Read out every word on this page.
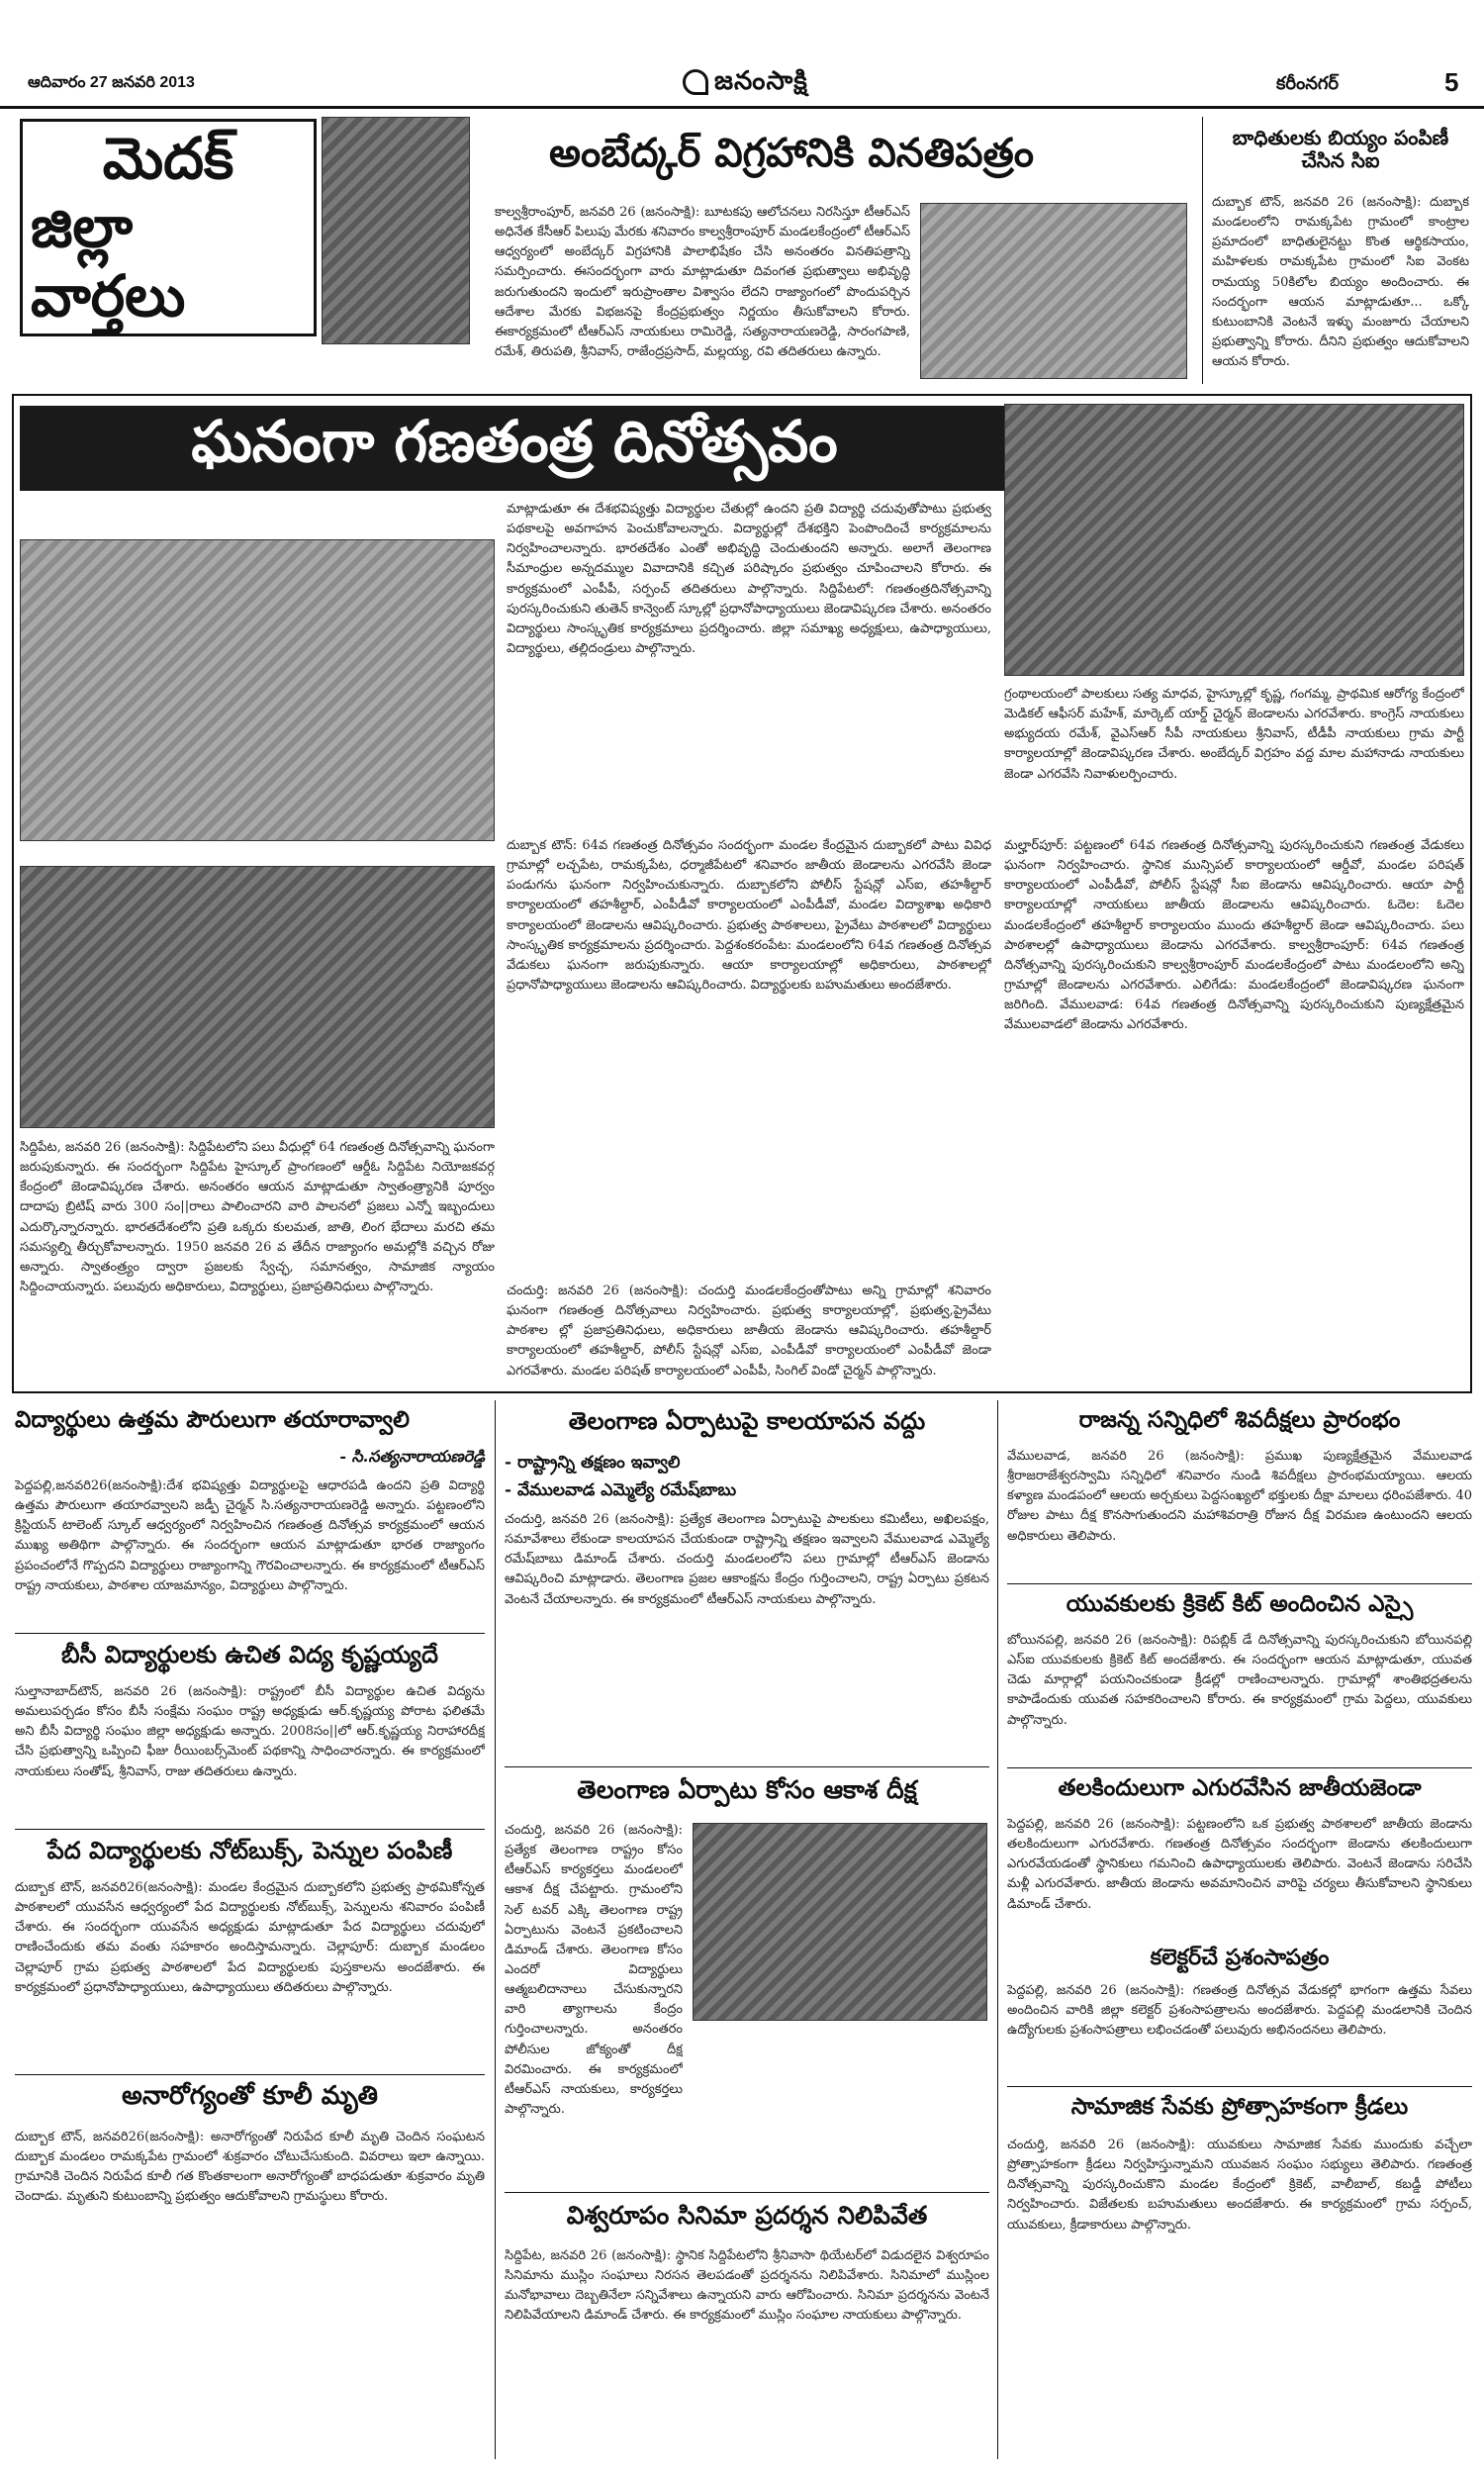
ఆదివారం 27 జనవరి 2013	జనంసాక్షి	కరీంనగర్	5
మెదక్
జిల్లా వార్తలు
అంబేద్కర్ విగ్రహానికి వినతిపత్రం
కాల్వశ్రీరాంపూర్, జనవరి 26 (జనంసాక్షి): బూటకపు ఆలోచనలు నిరసిస్తూ టీఆర్ఎస్ అధినేత కేసీఆర్ పిలుపు మేరకు శనివారం కాల్వశ్రీరాంపూర్ మండలకేంద్రంలో టీఆర్ఎస్ ఆధ్వర్యంలో అంబేద్కర్ విగ్రహానికి పాలాభిషేకం చేసి అనంతరం వినతిపత్రాన్ని సమర్పించారు. ఈసందర్భంగా వారు మాట్లాడుతూ దివంగత ప్రభుత్వాలు అభివృద్ధి జరుగుతుందని ఇందులో ఇరుప్రాంతాల విశ్వాసం లేదని రాజ్యాంగంలో పొందుపర్చిన ఆదేశాల మేరకు విభజనపై కేంద్రప్రభుత్వం నిర్ణయం తీసుకోవాలని కోరారు. ఈకార్యక్రమంలో టీఆర్ఎస్ నాయకులు రామిరెడ్డి, సత్యనారాయణరెడ్డి, సారంగపాణి, రమేశ్, తిరుపతి, శ్రీనివాస్, రాజేంద్రప్రసాద్, మల్లయ్య, రవి తదితరులు ఉన్నారు.
బాధితులకు బియ్యం పంపిణీ చేసిన సిఐ
దుబ్బాక టౌన్, జనవరి 26 (జనంసాక్షి): దుబ్బాక మండలంలోని రామక్కపేట గ్రామంలో కాంట్రాల ప్రమాదంలో బాధితులైనట్టు కొంత ఆర్థికసాయం, మహిళలకు రామక్కపేట గ్రామంలో సిఐ వెంకట రామయ్య 50కిలోల బియ్యం అందించారు. ఈ సందర్భంగా ఆయన మాట్లాడుతూ... ఒక్కో కుటుంబానికి వెంటనే ఇళ్ళు మంజూరు చేయాలని ప్రభుత్వాన్ని కోరారు. దీనిని ప్రభుత్వం ఆదుకోవాలని ఆయన కోరారు.
ఘనంగా గణతంత్ర దినోత్సవం
సిద్దిపేట, జనవరి 26 (జనంసాక్షి): సిద్దిపేటలోని పలు వీధుల్లో 64 గణతంత్ర దినోత్సవాన్ని ఘనంగా జరుపుకున్నారు. ఈ సందర్భంగా సిద్దిపేట హైస్కూల్ ప్రాంగణంలో ఆర్డీఓ సిద్దిపేట నియోజకవర్గ కేంద్రంలో జెండావిష్కరణ చేశారు. అనంతరం ఆయన మాట్లాడుతూ స్వాతంత్ర్యానికి పూర్వం దాదాపు బ్రిటిష్ వారు 300 సం||రాలు పాలించారని వారి పాలనలో ప్రజలు ఎన్నో ఇబ్బందులు ఎదుర్కొన్నారన్నారు. భారతదేశంలోని ప్రతి ఒక్కరు కులమత, జాతి, లింగ భేదాలు మరచి తమ సమస్యల్ని తీర్చుకోవాలన్నారు. 1950 జనవరి 26 వ తేదీన రాజ్యాంగం అమల్లోకి వచ్చిన రోజు అన్నారు. స్వాతంత్ర్యం ద్వారా ప్రజలకు స్వేచ్ఛ, సమానత్వం, సామాజిక న్యాయం సిద్దించాయన్నారు. పలువురు అధికారులు, విద్యార్థులు, ప్రజాప్రతినిధులు పాల్గొన్నారు.
మాట్లాడుతూ ఈ దేశభవిష్యత్తు విద్యార్థుల చేతుల్లో ఉందని ప్రతి విద్యార్థి చదువుతోపాటు ప్రభుత్వ పథకాలపై అవగాహన పెంచుకోవాలన్నారు. విద్యార్థుల్లో దేశభక్తిని పెంపొందించే కార్యక్రమాలను నిర్వహించాలన్నారు. భారతదేశం ఎంతో అభివృద్ధి చెందుతుందని అన్నారు. అలాగే తెలంగాణ సీమాంధ్రుల అన్నదమ్ముల వివాదానికి కచ్చిత పరిష్కారం ప్రభుత్వం చూపించాలని కోరారు. ఈ కార్యక్రమంలో ఎంపీపీ, సర్పంచ్ తదితరులు పాల్గొన్నారు. సిద్దిపేటలో: గణతంత్రదినోత్సవాన్ని పురస్కరించుకుని తుతెన్ కాన్వెంట్ స్కూల్లో ప్రధానోపాధ్యాయులు జెండావిష్కరణ చేశారు. అనంతరం విద్యార్థులు సాంస్కృతిక కార్యక్రమాలు ప్రదర్శించారు. జిల్లా సమాఖ్య అధ్యక్షులు, ఉపాధ్యాయులు, విద్యార్థులు, తల్లిదండ్రులు పాల్గొన్నారు.
దుబ్బాక టౌన్: 64వ గణతంత్ర దినోత్సవం సందర్భంగా మండల కేంద్రమైన దుబ్బాకలో పాటు వివిధ గ్రామాల్లో లచ్చపేట, రామక్కపేట, ధర్మాజీపేటలో శనివారం జాతీయ జెండాలను ఎగరవేసి జెండా పండుగను ఘనంగా నిర్వహించుకున్నారు. దుబ్బాకలోని పోలీస్ స్టేషన్లో ఎస్ఐ, తహశీల్దార్ కార్యాలయంలో తహశీల్దార్, ఎంపీడీవో కార్యాలయంలో ఎంపీడీవో, మండల విద్యాశాఖ అధికారి కార్యాలయంలో జెండాలను ఆవిష్కరించారు. ప్రభుత్వ పాఠశాలలు, ప్రైవేటు పాఠశాలలో విద్యార్థులు సాంస్కృతిక కార్యక్రమాలను ప్రదర్శించారు. పెద్దశంకరంపేట: మండలంలోని 64వ గణతంత్ర దినోత్సవ వేడుకలు ఘనంగా జరుపుకున్నారు. ఆయా కార్యాలయాల్లో అధికారులు, పాఠశాలల్లో ప్రధానోపాధ్యాయులు జెండాలను ఆవిష్కరించారు. విద్యార్థులకు బహుమతులు అందజేశారు.
చందుర్తి: జనవరి 26 (జనంసాక్షి): చందుర్తి మండలకేంద్రంతోపాటు అన్ని గ్రామాల్లో శనివారం ఘనంగా గణతంత్ర దినోత్సవాలు నిర్వహించారు. ప్రభుత్వ కార్యాలయాల్లో, ప్రభుత్వ,ప్రైవేటు పాఠశాల ల్లో ప్రజాప్రతినిధులు, అధికారులు జాతీయ జెండాను ఆవిష్కరించారు. తహశీల్దార్ కార్యాలయంలో తహశీల్దార్, పోలీస్ స్టేషన్లో ఎస్ఐ, ఎంపీడీవో కార్యాలయంలో ఎంపీడీవో జెండా ఎగరవేశారు. మండల పరిషత్ కార్యాలయంలో ఎంపీపీ, సింగిల్ విండో చైర్మన్ పాల్గొన్నారు.
గ్రంథాలయంలో పాలకులు సత్య మాధవ, హైస్కూల్లో కృష్ణ, గంగమ్మ, ప్రాథమిక ఆరోగ్య కేంద్రంలో మెడికల్ ఆఫీసర్ మహేశ్, మార్కెట్ యార్డ్ చైర్మన్ జెండాలను ఎగరవేశారు. కాంగ్రెస్ నాయకులు అభ్యుదయ రమేశ్, వైఎస్ఆర్ సీపీ నాయకులు శ్రీనివాస్, టీడీపీ నాయకులు గ్రామ పార్టీ కార్యాలయాల్లో జెండావిష్కరణ చేశారు. అంబేద్కర్ విగ్రహం వద్ద మాల మహానాడు నాయకులు జెండా ఎగరవేసి నివాళులర్పించారు.
మల్హార్‌పూర్: పట్టణంలో 64వ గణతంత్ర దినోత్సవాన్ని పురస్కరించుకుని గణతంత్ర వేడుకలు ఘనంగా నిర్వహించారు. స్థానిక మున్సిపల్ కార్యాలయంలో ఆర్డీవో, మండల పరిషత్ కార్యాలయంలో ఎంపీడీవో, పోలీస్ స్టేషన్లో సీఐ జెండాను ఆవిష్కరించారు. ఆయా పార్టీ కార్యాలయాల్లో నాయకులు జాతీయ జెండాలను ఆవిష్కరించారు. ఓదెల: ఓదెల మండలకేంద్రంలో తహశీల్దార్ కార్యాలయం ముందు తహశీల్దార్ జెండా ఆవిష్కరించారు. పలు పాఠశాలల్లో ఉపాధ్యాయులు జెండాను ఎగరవేశారు. కాల్వశ్రీరాంపూర్: 64వ గణతంత్ర దినోత్సవాన్ని పురస్కరించుకుని కాల్వశ్రీరాంపూర్ మండలకేంద్రంలో పాటు మండలంలోని అన్ని గ్రామాల్లో జెండాలను ఎగరవేశారు. ఎలిగేడు: మండలకేంద్రంలో జెండావిష్కరణ ఘనంగా జరిగింది. వేములవాడ: 64వ గణతంత్ర దినోత్సవాన్ని పురస్కరించుకుని పుణ్యక్షేత్రమైన వేములవాడలో జెండాను ఎగరవేశారు.
విద్యార్థులు ఉత్తమ పౌరులుగా తయారావ్వాలి
- సి.సత్యనారాయణరెడ్డి
పెద్దపల్లి,జనవరి26(జనంసాక్షి):దేశ భవిష్యత్తు విద్యార్థులపై ఆధారపడి ఉందని ప్రతి విద్యార్థి ఉత్తమ పౌరులుగా తయారవ్వాలని జడ్పీ చైర్మన్ సి.సత్యనారాయణరెడ్డి అన్నారు. పట్టణంలోని క్రిస్టియన్ టాలెంట్ స్కూల్ ఆధ్వర్యంలో నిర్వహించిన గణతంత్ర దినోత్సవ కార్యక్రమంలో ఆయన ముఖ్య అతిథిగా పాల్గొన్నారు. ఈ సందర్భంగా ఆయన మాట్లాడుతూ భారత రాజ్యాంగం ప్రపంచంలోనే గొప్పదని విద్యార్థులు రాజ్యాంగాన్ని గౌరవించాలన్నారు. ఈ కార్యక్రమంలో టీఆర్ఎస్ రాష్ట్ర నాయకులు, పాఠశాల యాజమాన్యం, విద్యార్థులు పాల్గొన్నారు.
బీసీ విద్యార్థులకు ఉచిత విద్య కృష్ణయ్యదే
సుల్తానాబాద్‌టౌన్, జనవరి 26 (జనంసాక్షి): రాష్ట్రంలో బీసీ విద్యార్థుల ఉచిత విద్యను అమలుపర్చడం కోసం బీసీ సంక్షేమ సంఘం రాష్ట్ర అధ్యక్షుడు ఆర్.కృష్ణయ్య పోరాట ఫలితమే అని బీసీ విద్యార్థి సంఘం జిల్లా అధ్యక్షుడు అన్నారు. 2008సం||లో ఆర్.కృష్ణయ్య నిరాహారదీక్ష చేసి ప్రభుత్వాన్ని ఒప్పించి ఫీజు రీయింబర్స్‌మెంట్ పథకాన్ని సాధించారన్నారు. ఈ కార్యక్రమంలో నాయకులు సంతోష్, శ్రీనివాస్, రాజు తదితరులు ఉన్నారు.
పేద విద్యార్థులకు నోట్‌బుక్స్, పెన్నుల పంపిణీ
దుబ్బాక టౌన్, జనవరి26(జనంసాక్షి): మండల కేంద్రమైన దుబ్బాకలోని ప్రభుత్వ ప్రాథమికోన్నత పాఠశాలలో యువసేన ఆధ్వర్యంలో పేద విద్యార్థులకు నోట్‌బుక్స్, పెన్నులను శనివారం పంపిణీ చేశారు. ఈ సందర్భంగా యువసేన అధ్యక్షుడు మాట్లాడుతూ పేద విద్యార్థులు చదువులో రాణించేందుకు తమ వంతు సహకారం అందిస్తామన్నారు. చెల్లాపూర్: దుబ్బాక మండలం చెల్లాపూర్ గ్రామ ప్రభుత్వ పాఠశాలలో పేద విద్యార్థులకు పుస్తకాలను అందజేశారు. ఈ కార్యక్రమంలో ప్రధానోపాధ్యాయులు, ఉపాధ్యాయులు తదితరులు పాల్గొన్నారు.
అనారోగ్యంతో కూలీ మృతి
దుబ్బాక టౌన్, జనవరి26(జనంసాక్షి): అనారోగ్యంతో నిరుపేద కూలీ మృతి చెందిన సంఘటన దుబ్బాక మండలం రామక్కపేట గ్రామంలో శుక్రవారం చోటుచేసుకుంది. వివరాలు ఇలా ఉన్నాయి. గ్రామానికి చెందిన నిరుపేద కూలీ గత కొంతకాలంగా అనారోగ్యంతో బాధపడుతూ శుక్రవారం మృతి చెందాడు. మృతుని కుటుంబాన్ని ప్రభుత్వం ఆదుకోవాలని గ్రామస్థులు కోరారు.
తెలంగాణ ఏర్పాటుపై కాలయాపన వద్దు
- రాష్ట్రాన్ని తక్షణం ఇవ్వాలి
- వేములవాడ ఎమ్మెల్యే రమేష్‌బాబు
చందుర్తి, జనవరి 26 (జనంసాక్షి): ప్రత్యేక తెలంగాణ ఏర్పాటుపై పాలకులు కమిటీలు, అఖిలపక్షం, సమావేశాలు లేకుండా కాలయాపన చేయకుండా రాష్ట్రాన్ని తక్షణం ఇవ్వాలని వేములవాడ ఎమ్మెల్యే రమేష్‌బాబు డిమాండ్ చేశారు. చందుర్తి మండలంలోని పలు గ్రామాల్లో టీఆర్ఎస్ జెండాను ఆవిష్కరించి మాట్లాడారు. తెలంగాణ ప్రజల ఆకాంక్షను కేంద్రం గుర్తించాలని, రాష్ట్ర ఏర్పాటు ప్రకటన వెంటనే చేయాలన్నారు. ఈ కార్యక్రమంలో టీఆర్ఎస్ నాయకులు పాల్గొన్నారు.
తెలంగాణ ఏర్పాటు కోసం ఆకాశ దీక్ష
చందుర్తి, జనవరి 26 (జనంసాక్షి): ప్రత్యేక తెలంగాణ రాష్ట్రం కోసం టీఆర్ఎస్ కార్యకర్తలు మండలంలో ఆకాశ దీక్ష చేపట్టారు. గ్రామంలోని సెల్ టవర్ ఎక్కి తెలంగాణ రాష్ట్ర ఏర్పాటును వెంటనే ప్రకటించాలని డిమాండ్ చేశారు. తెలంగాణ కోసం ఎందరో విద్యార్థులు ఆత్మబలిదానాలు చేసుకున్నారని వారి త్యాగాలను కేంద్రం గుర్తించాలన్నారు. అనంతరం పోలీసుల జోక్యంతో దీక్ష విరమించారు. ఈ కార్యక్రమంలో టీఆర్ఎస్ నాయకులు, కార్యకర్తలు పాల్గొన్నారు.
విశ్వరూపం సినిమా ప్రదర్శన నిలిపివేత
సిద్దిపేట, జనవరి 26 (జనంసాక్షి): స్థానిక సిద్దిపేటలోని శ్రీనివాసా థియేటర్‌లో విడుదలైన విశ్వరూపం సినిమాను ముస్లిం సంఘాలు నిరసన తెలపడంతో ప్రదర్శనను నిలిపివేశారు. సినిమాలో ముస్లింల మనోభావాలు దెబ్బతినేలా సన్నివేశాలు ఉన్నాయని వారు ఆరోపించారు. సినిమా ప్రదర్శనను వెంటనే నిలిపివేయాలని డిమాండ్ చేశారు. ఈ కార్యక్రమంలో ముస్లిం సంఘాల నాయకులు పాల్గొన్నారు.
రాజన్న సన్నిధిలో శివదీక్షలు ప్రారంభం
వేములవాడ, జనవరి 26 (జనంసాక్షి): ప్రముఖ పుణ్యక్షేత్రమైన వేములవాడ శ్రీరాజరాజేశ్వరస్వామి సన్నిధిలో శనివారం నుండి శివదీక్షలు ప్రారంభమయ్యాయి. ఆలయ కళ్యాణ మండపంలో ఆలయ అర్చకులు పెద్దసంఖ్యలో భక్తులకు దీక్షా మాలలు ధరింపజేశారు. 40 రోజుల పాటు దీక్ష కొనసాగుతుందని మహాశివరాత్రి రోజున దీక్ష విరమణ ఉంటుందని ఆలయ అధికారులు తెలిపారు.
యువకులకు క్రికెట్ కిట్ అందించిన ఎస్సై
బోయినపల్లి, జనవరి 26 (జనంసాక్షి): రిపబ్లిక్ డే దినోత్సవాన్ని పురస్కరించుకుని బోయినపల్లి ఎస్‌ఐ యువకులకు క్రికెట్ కిట్ అందజేశారు. ఈ సందర్భంగా ఆయన మాట్లాడుతూ, యువత చెడు మార్గాల్లో పయనించకుండా క్రీడల్లో రాణించాలన్నారు. గ్రామాల్లో శాంతిభద్రతలను కాపాడేందుకు యువత సహకరించాలని కోరారు. ఈ కార్యక్రమంలో గ్రామ పెద్దలు, యువకులు పాల్గొన్నారు.
తలకిందులుగా ఎగురవేసిన జాతీయజెండా
పెద్దపల్లి, జనవరి 26 (జనంసాక్షి): పట్టణంలోని ఒక ప్రభుత్వ పాఠశాలలో జాతీయ జెండాను తలకిందులుగా ఎగురవేశారు. గణతంత్ర దినోత్సవం సందర్భంగా జెండాను తలకిందులుగా ఎగురవేయడంతో స్థానికులు గమనించి ఉపాధ్యాయులకు తెలిపారు. వెంటనే జెండాను సరిచేసి మళ్లీ ఎగురవేశారు. జాతీయ జెండాను అవమానించిన వారిపై చర్యలు తీసుకోవాలని స్థానికులు డిమాండ్ చేశారు.
కలెక్టర్‌చే ప్రశంసాపత్రం
పెద్దపల్లి, జనవరి 26 (జనంసాక్షి): గణతంత్ర దినోత్సవ వేడుకల్లో భాగంగా ఉత్తమ సేవలు అందించిన వారికి జిల్లా కలెక్టర్ ప్రశంసాపత్రాలను అందజేశారు. పెద్దపల్లి మండలానికి చెందిన ఉద్యోగులకు ప్రశంసాపత్రాలు లభించడంతో పలువురు అభినందనలు తెలిపారు.
సామాజిక సేవకు ప్రోత్సాహకంగా క్రీడలు
చందుర్తి, జనవరి 26 (జనంసాక్షి): యువకులు సామాజిక సేవకు ముందుకు వచ్చేలా ప్రోత్సాహకంగా క్రీడలు నిర్వహిస్తున్నామని యువజన సంఘం సభ్యులు తెలిపారు. గణతంత్ర దినోత్సవాన్ని పురస్కరించుకొని మండల కేంద్రంలో క్రికెట్, వాలీబాల్, కబడ్డీ పోటీలు నిర్వహించారు. విజేతలకు బహుమతులు అందజేశారు. ఈ కార్యక్రమంలో గ్రామ సర్పంచ్, యువకులు, క్రీడాకారులు పాల్గొన్నారు.
